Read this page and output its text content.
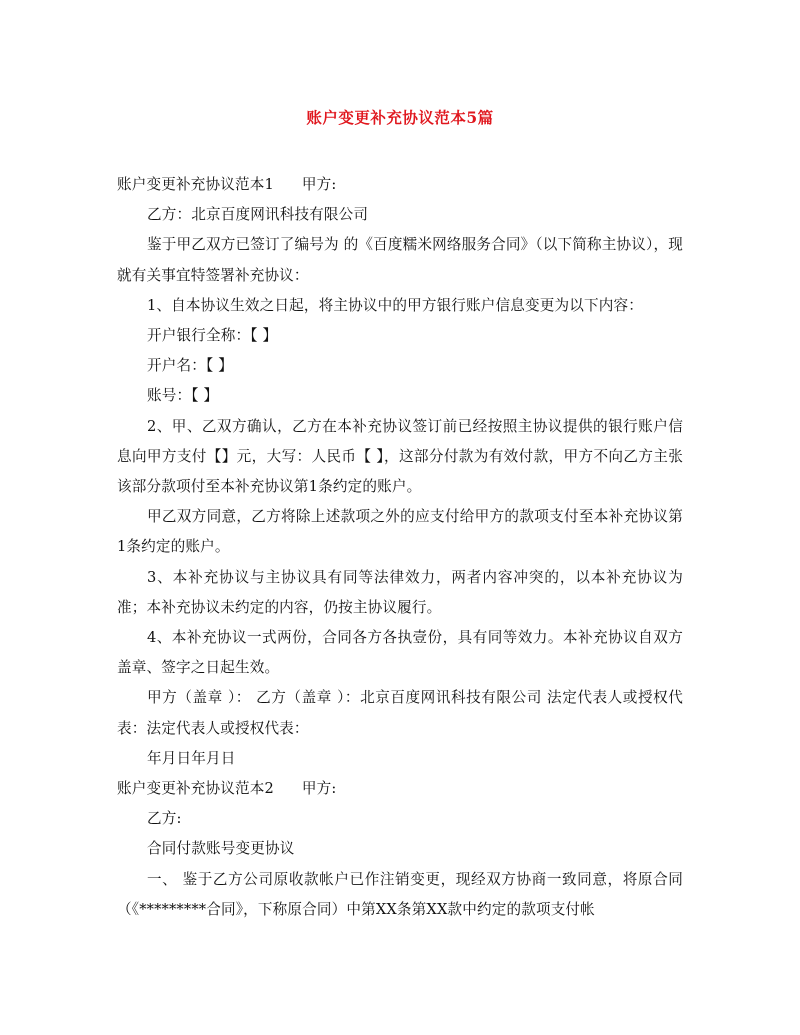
账户变更补充协议范本5篇

账户变更补充协议范本1 甲方:

乙方：北京百度网讯科技有限公司

鉴于甲乙双方已签订了编号为 的《百度糯米网络服务合同》（以下简称主协议），现就有关事宜特签署补充协议：

1、自本协议生效之日起，将主协议中的甲方银行账户信息变更为以下内容：

开户银行全称：【 】

开户名：【 】

账号：【 】

2、甲、乙双方确认，乙方在本补充协议签订前已经按照主协议提供的银行账户信息向甲方支付【】元，大写：人民币【 】，这部分付款为有效付款，甲方不向乙方主张该部分款项付至本补充协议第1条约定的账户。

甲乙双方同意，乙方将除上述款项之外的应支付给甲方的款项支付至本补充协议第1条约定的账户。

3、本补充协议与主协议具有同等法律效力，两者内容冲突的，以本补充协议为准；本补充协议未约定的内容，仍按主协议履行。

4、本补充协议一式两份，合同各方各执壹份，具有同等效力。本补充协议自双方盖章、签字之日起生效。

甲方（盖章 ）： 乙方（盖章 ）：北京百度网讯科技有限公司 法定代表人或授权代表：法定代表人或授权代表：

年月日年月日

账户变更补充协议范本2 甲方:

乙方:

合同付款账号变更协议

一、 鉴于乙方公司原收款帐户已作注销变更，现经双方协商一致同意，将原合同（《*********合同》，下称原合同）中第XX条第XX款中约定的款项支付帐
